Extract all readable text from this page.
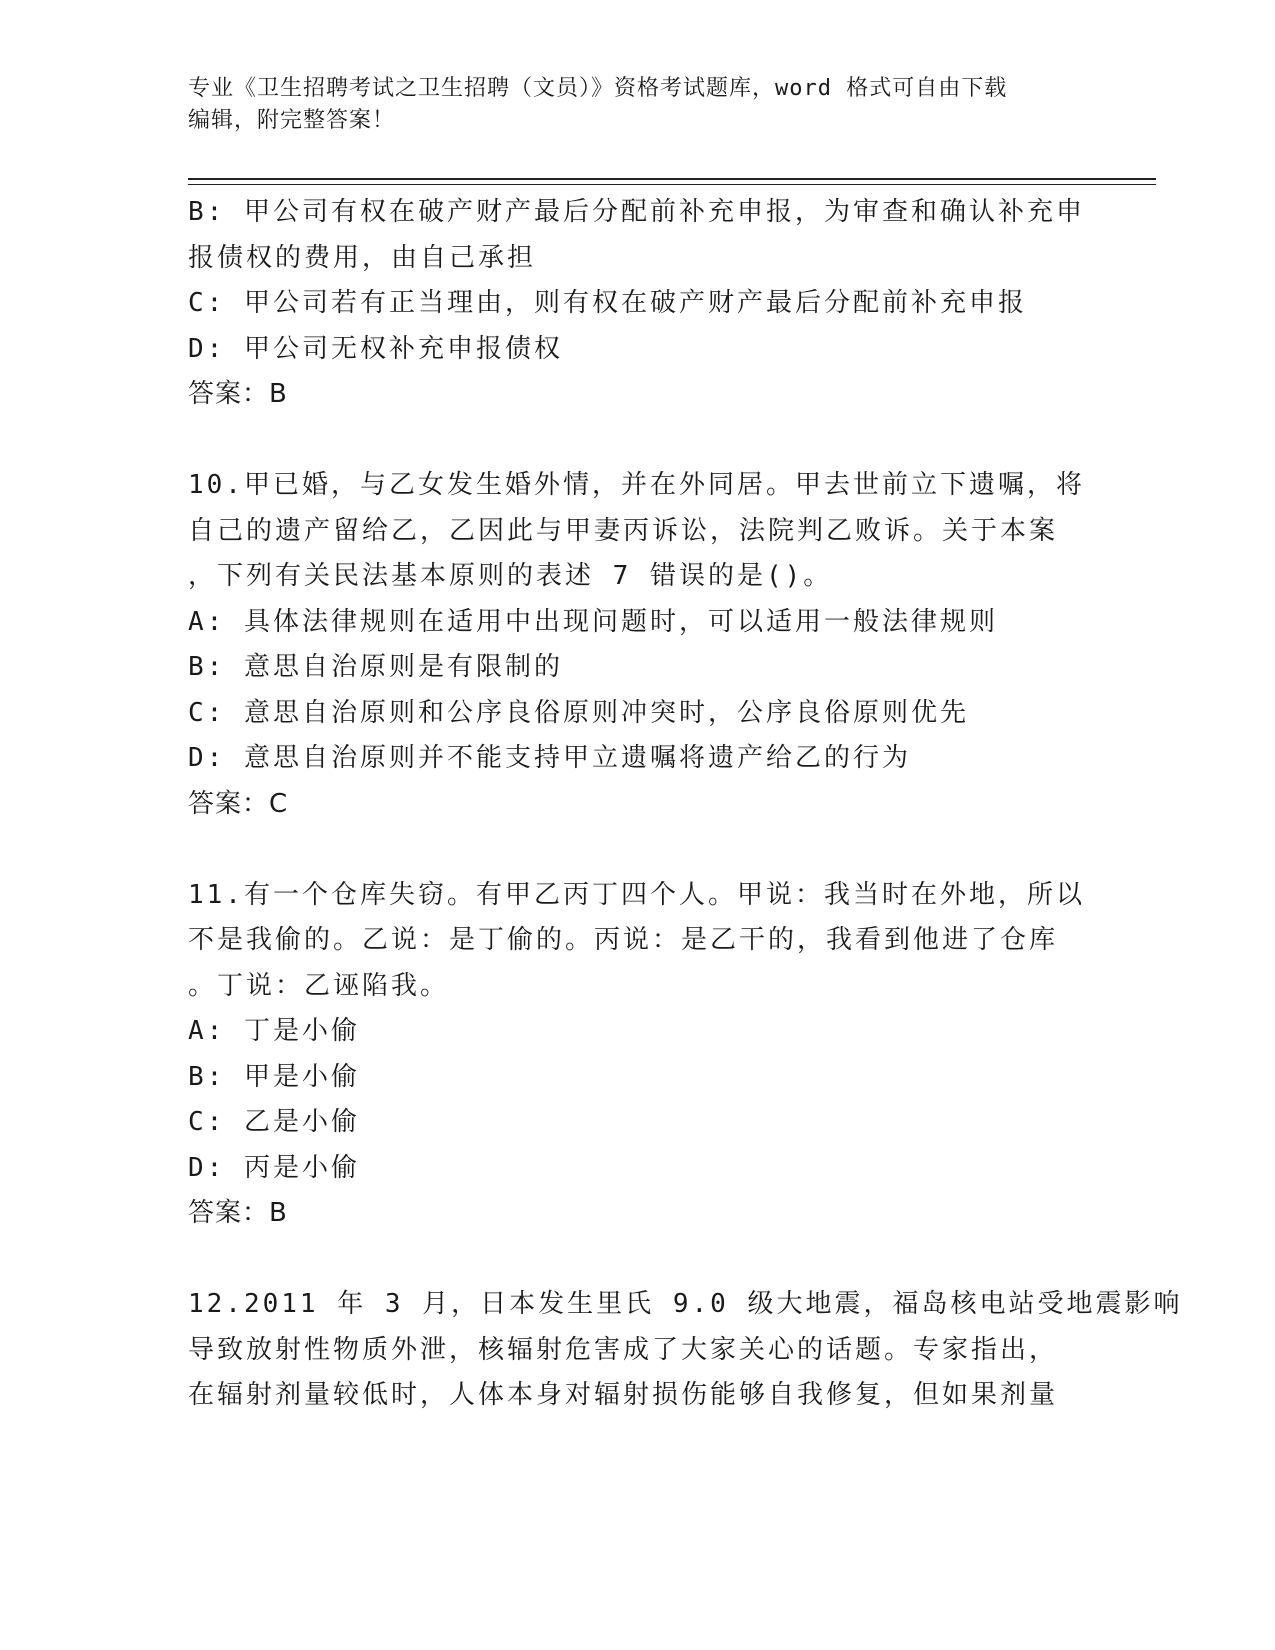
专业《卫生招聘考试之卫生招聘（文员）》资格考试题库，word 格式可自由下载
编辑，附完整答案！
B: 甲公司有权在破产财产最后分配前补充申报，为审查和确认补充申
报债权的费用，由自己承担
C: 甲公司若有正当理由，则有权在破产财产最后分配前补充申报
D: 甲公司无权补充申报债权
答案：B
10.甲已婚，与乙女发生婚外情，并在外同居。甲去世前立下遗嘱，将
自己的遗产留给乙，乙因此与甲妻丙诉讼，法院判乙败诉。关于本案
，下列有关民法基本原则的表述 7 错误的是()。
A: 具体法律规则在适用中出现问题时，可以适用一般法律规则
B: 意思自治原则是有限制的
C: 意思自治原则和公序良俗原则冲突时，公序良俗原则优先
D: 意思自治原则并不能支持甲立遗嘱将遗产给乙的行为
答案：C
11.有一个仓库失窃。有甲乙丙丁四个人。甲说：我当时在外地，所以
不是我偷的。乙说：是丁偷的。丙说：是乙干的，我看到他进了仓库
。丁说：乙诬陷我。
A: 丁是小偷
B: 甲是小偷
C: 乙是小偷
D: 丙是小偷
答案：B
12.2011 年 3 月，日本发生里氏 9.0 级大地震，福岛核电站受地震影响
导致放射性物质外泄，核辐射危害成了大家关心的话题。专家指出，
在辐射剂量较低时，人体本身对辐射损伤能够自我修复，但如果剂量
